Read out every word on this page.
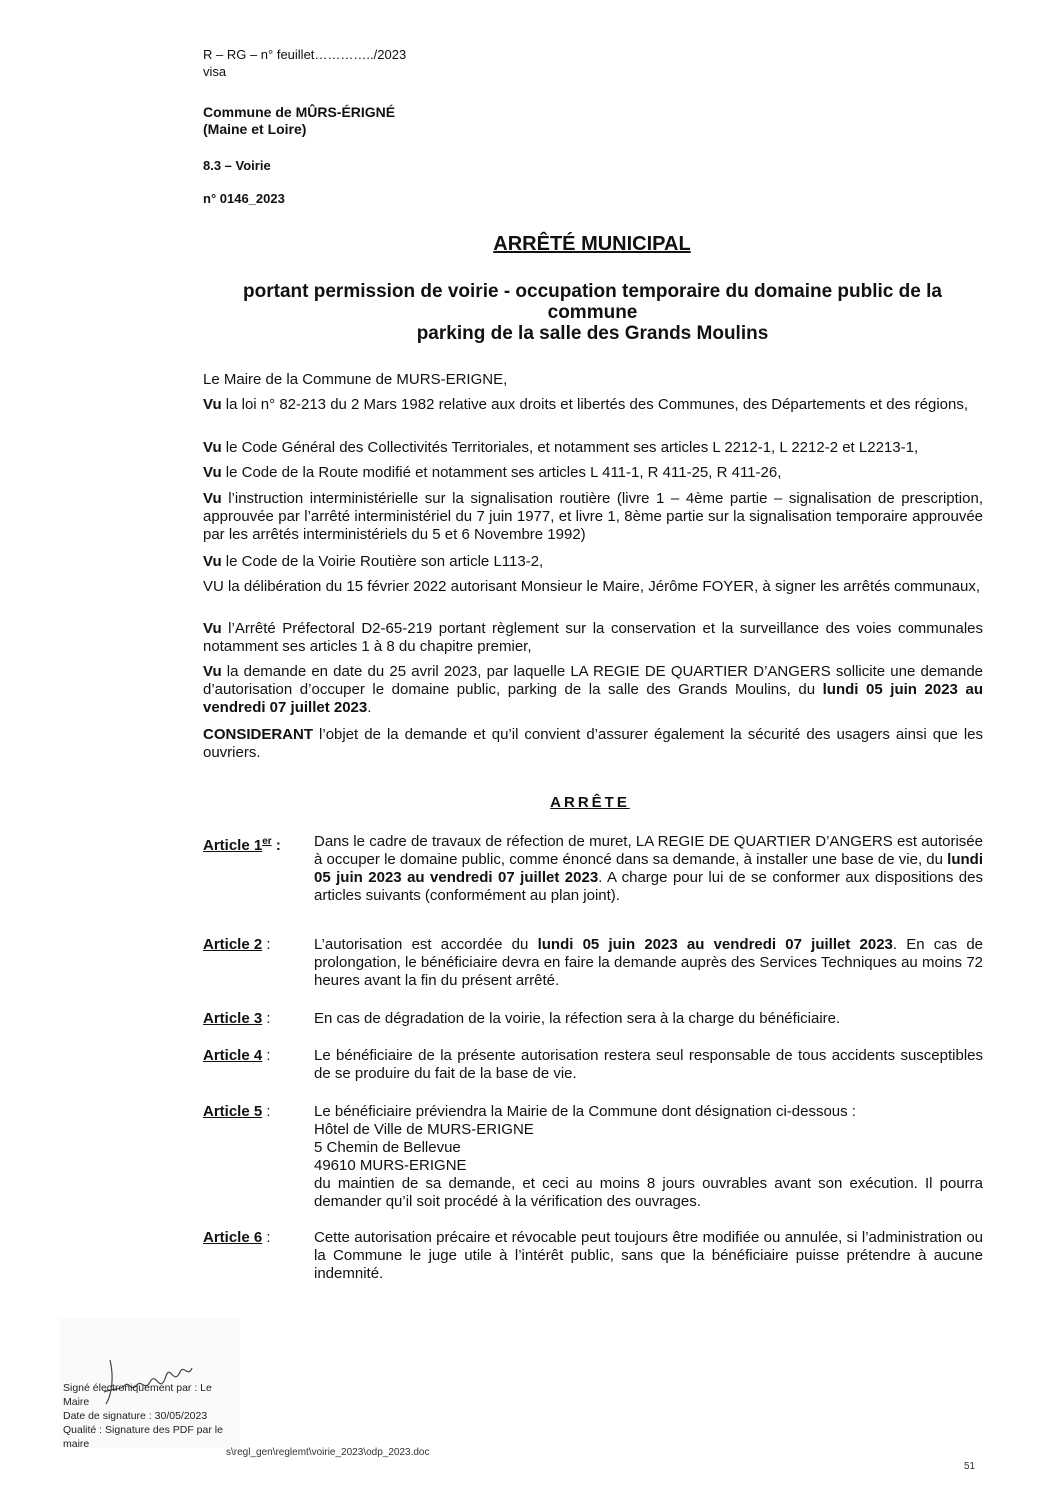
R – RG – n° feuillet…………../2023
visa
Commune de MÛRS-ÉRIGNÉ
(Maine et Loire)
8.3 – Voirie
n° 0146_2023
ARRÊTÉ MUNICIPAL
portant permission de voirie - occupation temporaire du domaine public de la
commune
parking de la salle des Grands Moulins
Le Maire de la Commune de MURS-ERIGNE,
Vu la loi n° 82-213 du 2 Mars 1982 relative aux droits et libertés des Communes, des Départements et des régions,
Vu le Code Général des Collectivités Territoriales, et notamment ses articles L 2212-1, L 2212-2 et L2213-1,
Vu le Code de la Route modifié et notamment ses articles L 411-1, R 411-25, R 411-26,
Vu l’instruction interministérielle sur la signalisation routière (livre 1 – 4ème partie – signalisation de prescription, approuvée par l’arrêté interministériel du 7 juin 1977, et livre 1, 8ème partie sur la signalisation temporaire approuvée par les arrêtés interministériels du 5 et 6 Novembre 1992)
Vu le Code de la Voirie Routière son article L113-2,
VU la délibération du 15 février 2022 autorisant Monsieur le Maire, Jérôme FOYER, à signer les arrêtés communaux,
Vu l’Arrêté Préfectoral D2-65-219 portant règlement sur la conservation et la surveillance des voies communales notamment ses articles 1 à 8 du chapitre premier,
Vu la demande en date du 25 avril 2023, par laquelle LA REGIE DE QUARTIER D’ANGERS sollicite une demande d’autorisation d’occuper le domaine public, parking de la salle des Grands Moulins, du lundi 05 juin 2023 au vendredi 07 juillet 2023.
CONSIDERANT l’objet de la demande et qu’il convient d’assurer également la sécurité des usagers ainsi que les ouvriers.
ARRÊTE
Article 1er :	Dans le cadre de travaux de réfection de muret, LA REGIE DE QUARTIER D’ANGERS est autorisée à occuper le domaine public, comme énoncé dans sa demande, à installer une base de vie, du lundi 05 juin 2023 au vendredi 07 juillet 2023. A charge pour lui de se conformer aux dispositions des articles suivants (conformément au plan joint).
Article 2 :	L’autorisation est accordée du lundi 05 juin 2023 au vendredi 07 juillet 2023. En cas de prolongation, le bénéficiaire devra en faire la demande auprès des Services Techniques au moins 72 heures avant la fin du présent arrêté.
Article 3 :	En cas de dégradation de la voirie, la réfection sera à la charge du bénéficiaire.
Article 4 :	Le bénéficiaire de la présente autorisation restera seul responsable de tous accidents susceptibles de se produire du fait de la base de vie.
Article 5 :	Le bénéficiaire préviendra la Mairie de la Commune dont désignation ci-dessous :
Hôtel de Ville de MURS-ERIGNE
5 Chemin de Bellevue
49610 MURS-ERIGNE
du maintien de sa demande, et ceci au moins 8 jours ouvrables avant son exécution. Il pourra demander qu’il soit procédé à la vérification des ouvrages.
Article 6 :	Cette autorisation précaire et révocable peut toujours être modifiée ou annulée, si l’administration ou la Commune le juge utile à l’intérêt public, sans que la bénéficiaire puisse prétendre à aucune indemnité.
Signé électroniquement par : Le
Maire
Date de signature : 30/05/2023
Qualité : Signature des PDF par le
maire
s\regl_gen\reglemt\voirie_2023\odp_2023.doc
51
